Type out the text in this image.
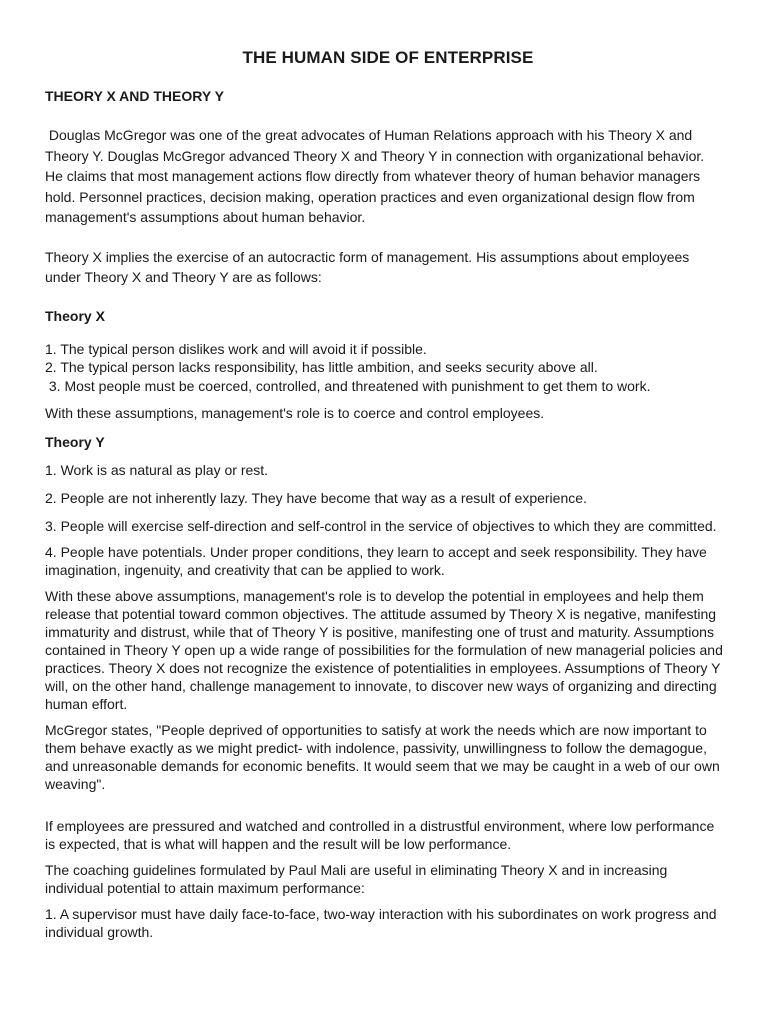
THE HUMAN SIDE OF ENTERPRISE
THEORY X AND THEORY Y

Douglas McGregor was one of the great advocates of Human Relations approach with his Theory X and Theory Y. Douglas McGregor advanced Theory X and Theory Y in connection with organizational behavior. He claims that most management actions flow directly from whatever theory of human behavior managers hold. Personnel practices, decision making, operation practices and even organizational design flow from management's assumptions about human behavior.

Theory X implies the exercise of an autocractic form of management. His assumptions about employees under Theory X and Theory Y are as follows:

Theory X

1. The typical person dislikes work and will avoid it if possible.

2. The typical person lacks responsibility, has little ambition, and seeks security above all.

3. Most people must be coerced, controlled, and threatened with punishment to get them to work.

With these assumptions, management's role is to coerce and control employees.

Theory Y

1. Work is as natural as play or rest.

2. People are not inherently lazy. They have become that way as a result of experience.

3. People will exercise self-direction and self-control in the service of objectives to which they are committed.

4. People have potentials. Under proper conditions, they learn to accept and seek responsibility. They have imagination, ingenuity, and creativity that can be applied to work.

With these above assumptions, management's role is to develop the potential in employees and help them release that potential toward common objectives. The attitude assumed by Theory X is negative, manifesting immaturity and distrust, while that of Theory Y is positive, manifesting one of trust and maturity. Assumptions contained in Theory Y open up a wide range of possibilities for the formulation of new managerial policies and practices. Theory X does not recognize the existence of potentialities in employees. Assumptions of Theory Y will, on the other hand, challenge management to innovate, to discover new ways of organizing and directing human effort.

McGregor states, "People deprived of opportunities to satisfy at work the needs which are now important to them behave exactly as we might predict- with indolence, passivity, unwillingness to follow the demagogue, and unreasonable demands for economic benefits. It would seem that we may be caught in a web of our own weaving".

If employees are pressured and watched and controlled in a distrustful environment, where low performance is expected, that is what will happen and the result will be low performance.

The coaching guidelines formulated by Paul Mali are useful in eliminating Theory X and in increasing individual potential to attain maximum performance:

1. A supervisor must have daily face-to-face, two-way interaction with his subordinates on work progress and individual growth.
